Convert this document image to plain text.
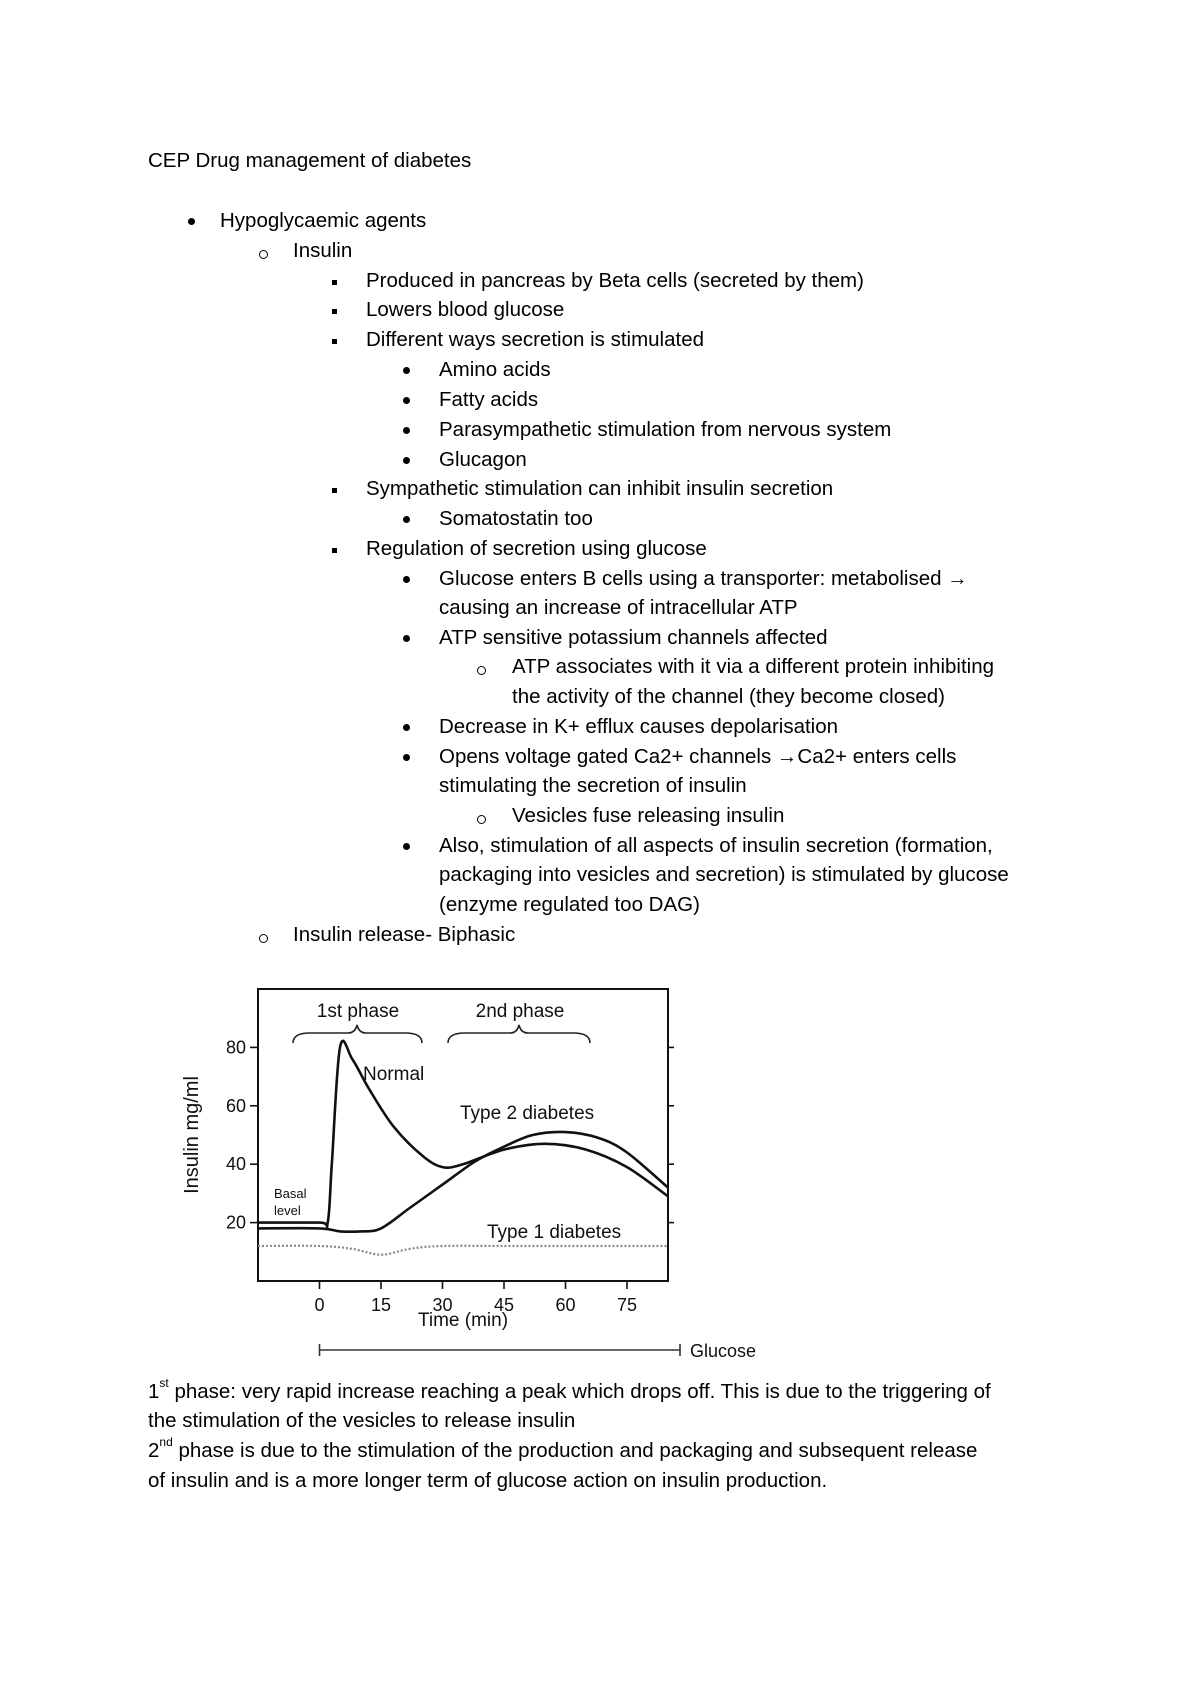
CEP Drug management of diabetes
Hypoglycaemic agents
Insulin
Produced in pancreas by Beta cells (secreted by them)
Lowers blood glucose
Different ways secretion is stimulated
Amino acids
Fatty acids
Parasympathetic stimulation from nervous system
Glucagon
Sympathetic stimulation can inhibit insulin secretion
Somatostatin too
Regulation of secretion using glucose
Glucose enters B cells using a transporter: metabolised →
causing an increase of intracellular ATP
ATP sensitive potassium channels affected
ATP associates with it via a different protein inhibiting
the activity of the channel (they become closed)
Decrease in K+ efflux causes depolarisation
Opens voltage gated Ca2+ channels →Ca2+ enters cells
stimulating the secretion of insulin
Vesicles fuse releasing insulin
Also, stimulation of all aspects of insulin secretion (formation,
packaging into vesicles and secretion) is stimulated by glucose
(enzyme regulated too DAG)
Insulin release- Biphasic
20
40
60
80
0	15 30 45 60 75
1st phase	2nd phase
Normal
Type 2 diabetes
Type 1 diabetes
Basal
level
Insulin mg/ml
Time (min)
Glucose
1st phase: very rapid increase reaching a peak which drops off. This is due to the triggering of
the stimulation of the vesicles to release insulin
2nd phase is due to the stimulation of the production and packaging and subsequent release
of insulin and is a more longer term of glucose action on insulin production.
